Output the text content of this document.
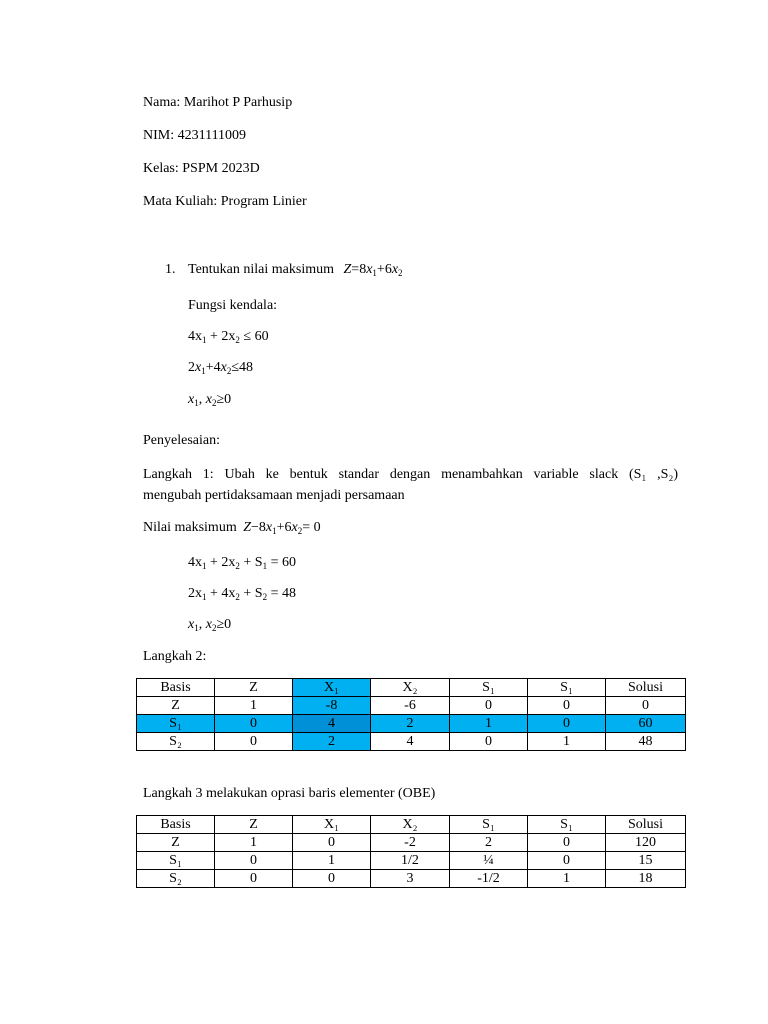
Nama: Marihot P Parhusip
NIM: 4231111009
Kelas: PSPM 2023D
Mata Kuliah: Program Linier
1. Tentukan nilai maksimum $Z=8x_1+6x_2$
Fungsi kendala:
$4x_1 + 2x_2 \le 60$
$2x_1+4x_2\le 48$
$x_1$, $x_2\ge 0$
Penyelesaian:
Langkah 1: Ubah ke bentuk standar dengan menambahkan variable slack (S₁ ,S₂)
mengubah pertidaksamaan menjadi persamaan
Nilai maksimum $Z-8x_1+6x_2= 0$
$4x_1 + 2x_2 + S_1 = 60$
$2x_1 + 4x_2 + S_2 = 48$
$x_1$, $x_2\ge 0$
Langkah 2:
Basis	Z	X₁	X₂	S₁	S₁	Solusi
Z	1	-8	-6	0	0	0
S₁	0	4	2	1	0	60
S₂	0	2	4	0	1	48
Langkah 3 melakukan oprasi baris elementer (OBE)
Basis	Z	X₁	X₂	S₁	S₁	Solusi
Z	1	0	-2	2	0	120
S₁	0	1	1/2	¼	0	15
S₂	0	0	3	-1/2	1	18
